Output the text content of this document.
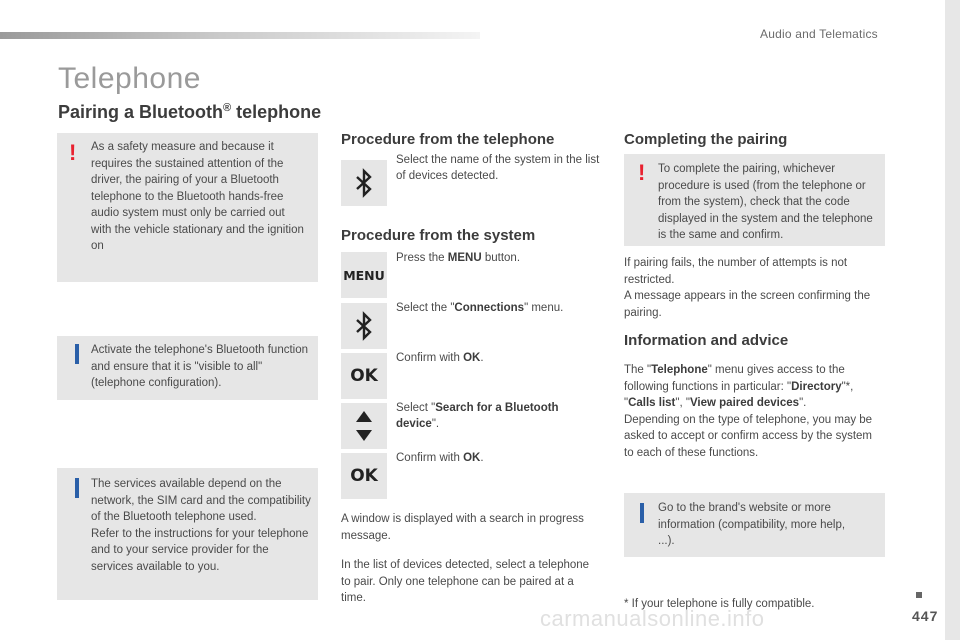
Audio and Telematics
Telephone
Pairing a Bluetooth® telephone
! As a safety measure and because it requires the sustained attention of the driver, the pairing of your a Bluetooth telephone to the Bluetooth hands-free audio system must only be carried out with the vehicle stationary and the ignition on
Activate the telephone's Bluetooth function and ensure that it is "visible to all" (telephone configuration).
The services available depend on the network, the SIM card and the compatibility of the Bluetooth telephone used.
Refer to the instructions for your telephone and to your service provider for the services available to you.
Procedure from the telephone
Select the name of the system in the list of devices detected.
Procedure from the system
MENU
Press the MENU button.
Select the "Connections" menu.
OK
Confirm with OK.
Select "Search for a Bluetooth device".
OK
Confirm with OK.
A window is displayed with a search in progress message.
In the list of devices detected, select a telephone to pair. Only one telephone can be paired at a time.
Completing the pairing
! To complete the pairing, whichever procedure is used (from the telephone or from the system), check that the code displayed in the system and the telephone is the same and confirm.
If pairing fails, the number of attempts is not restricted.
A message appears in the screen confirming the pairing.
Information and advice
The "Telephone" menu gives access to the following functions in particular: "Directory"*, "Calls list", "View paired devices".
Depending on the type of telephone, you may be asked to accept or confirm access by the system to each of these functions.
Go to the brand's website or more information (compatibility, more help, ...).
* If your telephone is fully compatible.
carmanualsonline.info	447
